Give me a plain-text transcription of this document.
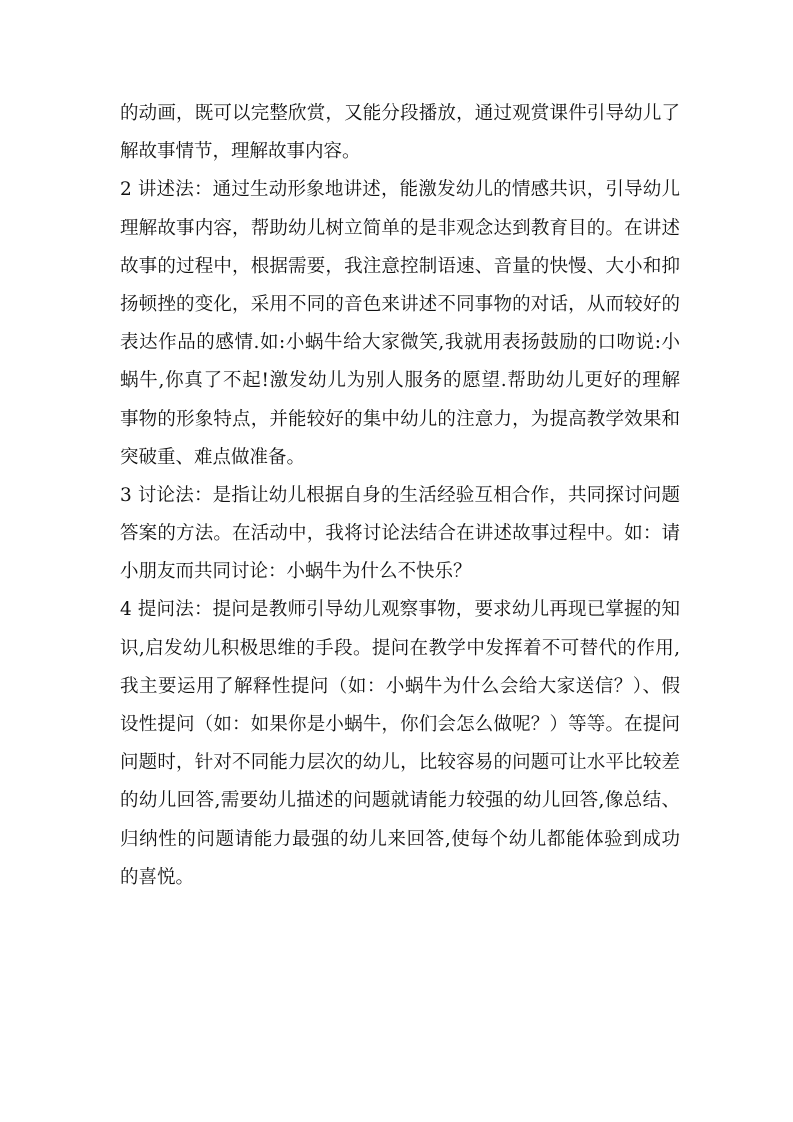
的动画，既可以完整欣赏，又能分段播放，通过观赏课件引导幼儿了
解故事情节，理解故事内容。
2 讲述法：通过生动形象地讲述，能激发幼儿的情感共识，引导幼儿
理解故事内容，帮助幼儿树立简单的是非观念达到教育目的。在讲述
故事的过程中，根据需要，我注意控制语速、音量的快慢、大小和抑
扬顿挫的变化，采用不同的音色来讲述不同事物的对话，从而较好的
表达作品的感情.如:小蜗牛给大家微笑,我就用表扬鼓励的口吻说:小
蜗牛,你真了不起!激发幼儿为别人服务的愿望.帮助幼儿更好的理解
事物的形象特点，并能较好的集中幼儿的注意力，为提高教学效果和
突破重、难点做准备。
3 讨论法：是指让幼儿根据自身的生活经验互相合作，共同探讨问题
答案的方法。在活动中，我将讨论法结合在讲述故事过程中。如：请
小朋友而共同讨论：小蜗牛为什么不快乐？
4 提问法：提问是教师引导幼儿观察事物，要求幼儿再现已掌握的知
识,启发幼儿积极思维的手段。提问在教学中发挥着不可替代的作用,
我主要运用了解释性提问（如：小蜗牛为什么会给大家送信？）、假
设性提问（如：如果你是小蜗牛，你们会怎么做呢？）等等。在提问
问题时，针对不同能力层次的幼儿，比较容易的问题可让水平比较差
的幼儿回答,需要幼儿描述的问题就请能力较强的幼儿回答,像总结、
归纳性的问题请能力最强的幼儿来回答,使每个幼儿都能体验到成功
的喜悦。
